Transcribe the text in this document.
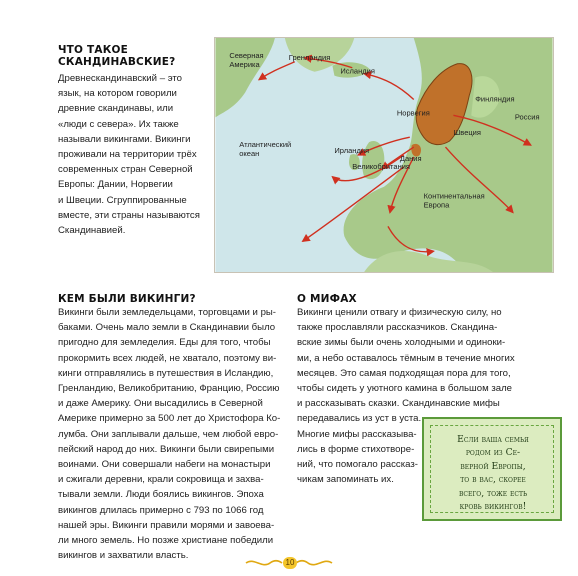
ЧТО ТАКОЕ
СКАНДИНАВСКИЕ?

Древнескандинавский – это
язык, на котором говорили
древние скандинавы, или
«люди с севера». Их также
называли викингами. Викинги
проживали на территории трёх
современных стран Северной
Европы: Дании, Норвегии
и Швеции. Сгруппированные
вместе, эти страны называются
Скандинавией.

Северная Америка
Гренландия
Исландия
Норвегия
Финляндия
Швеция
Россия
Атлантический океан	Ирландия
Великобритания
Дания
Континентальная Европа
КЕМ БЫЛИ ВИКИНГИ?

Викинги были земледельцами, торговцами и ры-
баками. Очень мало земли в Скандинавии было
пригодно для земледелия. Еды для того, чтобы
прокормить всех людей, не хватало, поэтому ви-
кинги отправлялись в путешествия в Исландию,
Гренландию, Великобританию, Францию, Россию
и даже Америку. Они высадились в Северной
Америке примерно за 500 лет до Христофора Ко-
лумба. Они заплывали дальше, чем любой евро-
пейский народ до них. Викинги были свирепыми
воинами. Они совершали набеги на монастыри
и сжигали деревни, крали сокровища и захва-
тывали земли. Люди боялись викингов. Эпоха
викингов длилась примерно с 793 по 1066 год
нашей эры. Викинги правили морями и завоева-
ли много земель. Но позже христиане победили
викингов и захватили власть.

О МИФАХ

Викинги ценили отвагу и физическую силу, но
также прославляли рассказчиков. Скандина-
вские зимы были очень холодными и одиноки-
ми, а небо оставалось тёмным в течение многих
месяцев. Это самая подходящая пора для того,
чтобы сидеть у уютного камина в большом зале
и рассказывать сказки. Скандинавские мифы
передавались из уст в уста.
Многие мифы рассказыва-
лись в форме стихотворе-
ний, что помогало рассказ-
чикам запоминать их.

Если ваша семья
родом из Се-
верной Европы,
то в вас, скорее
всего, тоже есть
кровь викингов!

10
